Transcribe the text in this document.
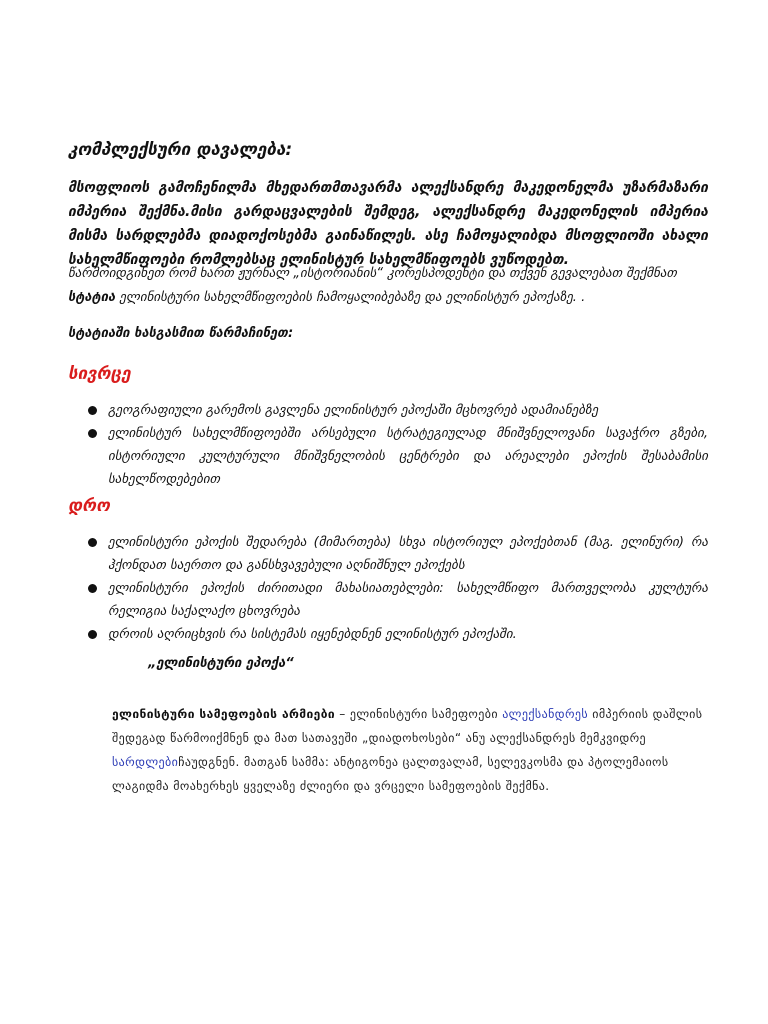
კომპლექსური დავალება:
მსოფლიოს გამოჩენილმა მხედართმთავარმა ალექსანდრე მაკედონელმა უზარმაზარი იმპერია შექმნა.მისი გარდაცვალების შემდეგ, ალექსანდრე მაკედონელის იმპერია მისმა სარდლებმა დიადოქოსებმა გაინაწილეს. ასე ჩამოყალიბდა მსოფლიოში ახალი სახელმწიფოები რომლებსაც ელინისტურ სახელმწიფოებს ვუწოდებთ.
წარმოიდგინეთ რომ ხართ ჟურნალ „ისტორიანის“ კორესპოდენტი და თქვენ გევალებათ შექმნათ სტატია ელინისტური სახელმწიფოების ჩამოყალიბებაზე და ელინისტურ ეპოქაზე. .
სტატიაში ხასგასმით წარმაჩინეთ:
სივრცე
გეოგრაფიული გარემოს გავლენა ელინისტურ ეპოქაში მცხოვრებ ადამიანებზე
ელინისტურ სახელმწიფოებში არსებული სტრატეგიულად მნიშვნელოვანი სავაჭრო გზები, ისტორიული კულტურული მნიშვნელობის ცენტრები და არეალები ეპოქის შესაბამისი სახელწოდებებით
დრო
ელინისტური ეპოქის შედარება (მიმართება) სხვა ისტორიულ ეპოქებთან (მაგ. ელინური) რა ჰქონდათ საერთო და განსხვავებული აღნიშნულ ეპოქებს
ელინისტური ეპოქის ძირითადი მახასიათებლები: სახელმწიფო მართველობა კულტურა რელიგია საქალაქო ცხოვრება
დროის აღრიცხვის რა სისტემას იყენებდნენ ელინისტურ ეპოქაში.
„ელინისტური ეპოქა“
ელინისტური სამეფოების არმიები – ელინისტური სამეფოები ალექსანდრეს იმპერიის დაშლის შედეგად წარმოიქმნენ და მათ სათავეში „დიადოხოსები“ ანუ ალექსანდრეს მემკვიდრე სარდლებიჩაუდგნენ. მათგან სამმა: ანტიგონეა ცალთვალამ, სელევკოსმა და პტოლემაიოს ლაგიდმა მოახერხეს ყველაზე ძლიერი და ვრცელი სამეფოების შექმნა.
